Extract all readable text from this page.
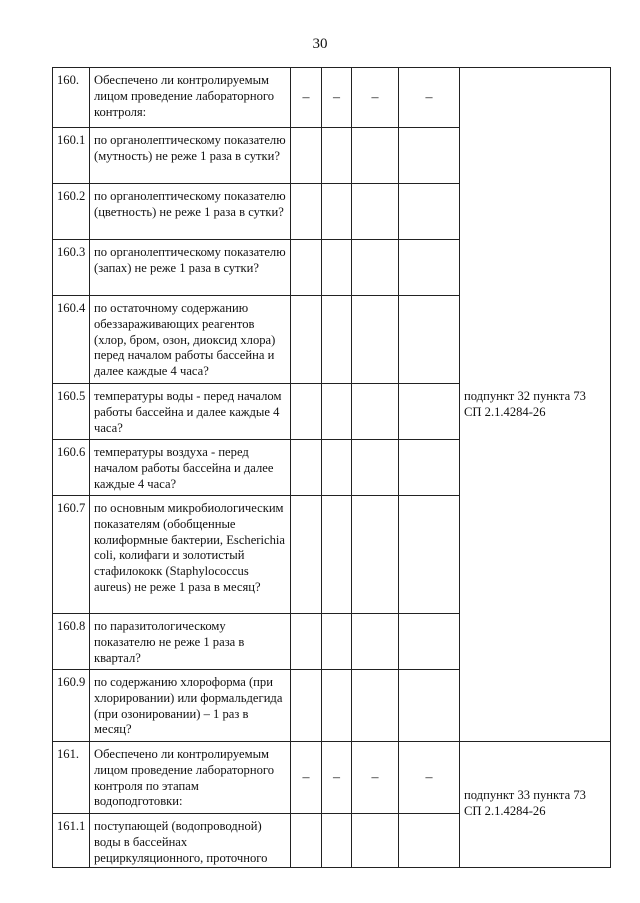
30
160.	Обеспечено ли контролируемым лицом проведение лабораторного контроля:	–	–	–	–	подпункт 32 пункта 73 СП 2.1.4284-26
160.1	по органолептическому показателю (мутность) не реже 1 раза в сутки?					
160.2	по органолептическому показателю (цветность) не реже 1 раза в сутки?					
160.3	по органолептическому показателю (запах) не реже 1 раза в сутки?					
160.4	по остаточному содержанию обеззараживающих реагентов (хлор, бром, озон, диоксид хлора) перед началом работы бассейна и далее каждые 4 часа?					
160.5	температуры воды - перед началом работы бассейна и далее каждые 4 часа?					
160.6	температуры воздуха - перед началом работы бассейна и далее каждые 4 часа?					
160.7	по основным микробиологическим показателям (обобщенные колиформные бактерии, Escherichia coli, колифаги и золотистый стафилококк (Staphylococcus aureus) не реже 1 раза в месяц?					
160.8	по паразитологическому показателю не реже 1 раза в квартал?					
160.9	по содержанию хлороформа (при хлорировании) или формальдегида (при озонировании) – 1 раз в месяц?					
161.	Обеспечено ли контролируемым лицом проведение лабораторного контроля по этапам водоподготовки:	–	–	–	–	подпункт 33 пункта 73 СП 2.1.4284-26
161.1	поступающей (водопроводной) воды в бассейнах рециркуляционного, проточного					
